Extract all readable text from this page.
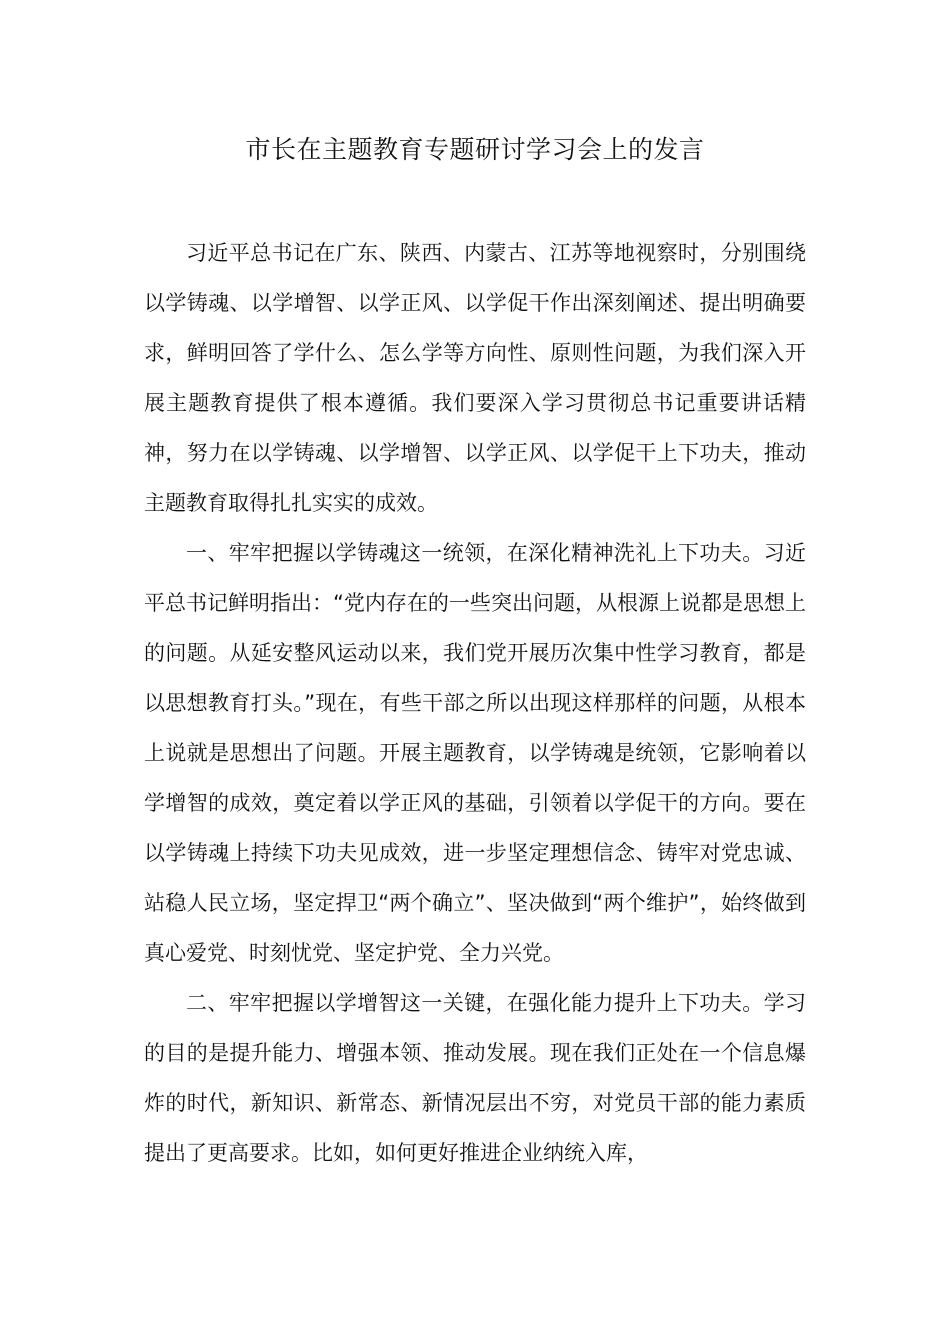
市长在主题教育专题研讨学习会上的发言

习近平总书记在广东、陕西、内蒙古、江苏等地视察时，分别围绕以学铸魂、以学增智、以学正风、以学促干作出深刻阐述、提出明确要求，鲜明回答了学什么、怎么学等方向性、原则性问题，为我们深入开展主题教育提供了根本遵循。我们要深入学习贯彻总书记重要讲话精神，努力在以学铸魂、以学增智、以学正风、以学促干上下功夫，推动主题教育取得扎扎实实的成效。

一、牢牢把握以学铸魂这一统领，在深化精神洗礼上下功夫。习近平总书记鲜明指出：“党内存在的一些突出问题，从根源上说都是思想上的问题。从延安整风运动以来，我们党开展历次集中性学习教育，都是以思想教育打头。”现在，有些干部之所以出现这样那样的问题，从根本上说就是思想出了问题。开展主题教育，以学铸魂是统领，它影响着以学增智的成效，奠定着以学正风的基础，引领着以学促干的方向。要在以学铸魂上持续下功夫见成效，进一步坚定理想信念、铸牢对党忠诚、站稳人民立场，坚定捍卫“两个确立”、坚决做到“两个维护”，始终做到真心爱党、时刻忧党、坚定护党、全力兴党。

二、牢牢把握以学增智这一关键，在强化能力提升上下功夫。学习的目的是提升能力、增强本领、推动发展。现在我们正处在一个信息爆炸的时代，新知识、新常态、新情况层出不穷，对党员干部的能力素质提出了更高要求。比如，如何更好推进企业纳统入库，
